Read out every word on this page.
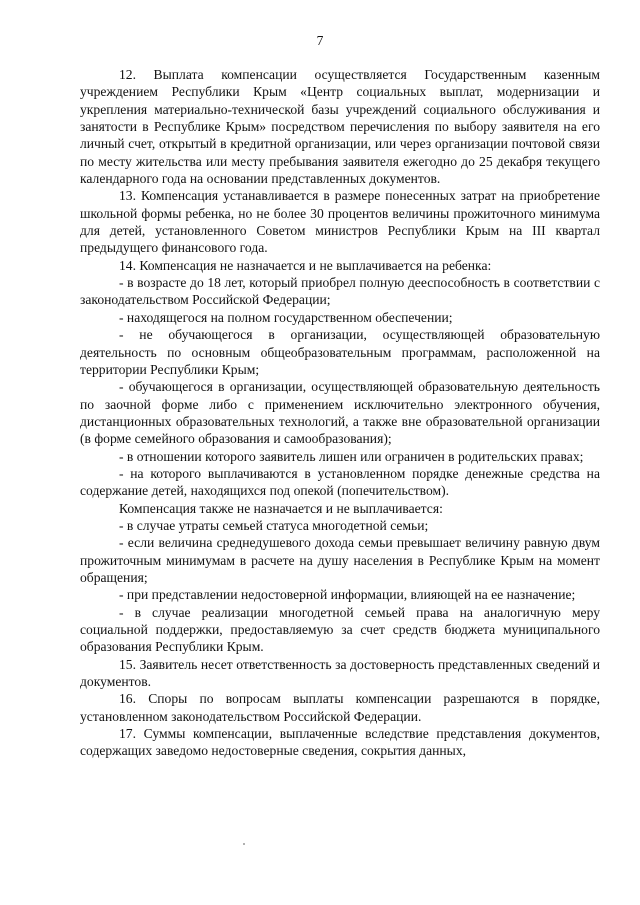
7

12. Выплата компенсации осуществляется Государственным казенным учреждением Республики Крым «Центр социальных выплат, модернизации и укрепления материально-технической базы учреждений социального обслуживания и занятости в Республике Крым» посредством перечисления по выбору заявителя на его личный счет, открытый в кредитной организации, или через организации почтовой связи по месту жительства или месту пребывания заявителя ежегодно до 25 декабря текущего календарного года на основании представленных документов.

13. Компенсация устанавливается в размере понесенных затрат на приобретение школьной формы ребенка, но не более 30 процентов величины прожиточного минимума для детей, установленного Советом министров Республики Крым на III квартал предыдущего финансового года.

14. Компенсация не назначается и не выплачивается на ребенка:

- в возрасте до 18 лет, который приобрел полную дееспособность в соответствии с законодательством Российской Федерации;

- находящегося на полном государственном обеспечении;

- не обучающегося в организации, осуществляющей образовательную деятельность по основным общеобразовательным программам, расположенной на территории Республики Крым;

- обучающегося в организации, осуществляющей образовательную деятельность по заочной форме либо с применением исключительно электронного обучения, дистанционных образовательных технологий, а также вне образовательной организации (в форме семейного образования и самообразования);

- в отношении которого заявитель лишен или ограничен в родительских правах;

- на которого выплачиваются в установленном порядке денежные средства на содержание детей, находящихся под опекой (попечительством).

Компенсация также не назначается и не выплачивается:

- в случае утраты семьей статуса многодетной семьи;

- если величина среднедушевого дохода семьи превышает величину равную двум прожиточным минимумам в расчете на душу населения в Республике Крым на момент обращения;

- при представлении недостоверной информации, влияющей на ее назначение;

- в случае реализации многодетной семьей права на аналогичную меру социальной поддержки, предоставляемую за счет средств бюджета муниципального образования Республики Крым.

15. Заявитель несет ответственность за достоверность представленных сведений и документов.

16. Споры по вопросам выплаты компенсации разрешаются в порядке, установленном законодательством Российской Федерации.

17. Суммы компенсации, выплаченные вследствие представления документов, содержащих заведомо недостоверные сведения, сокрытия данных,
